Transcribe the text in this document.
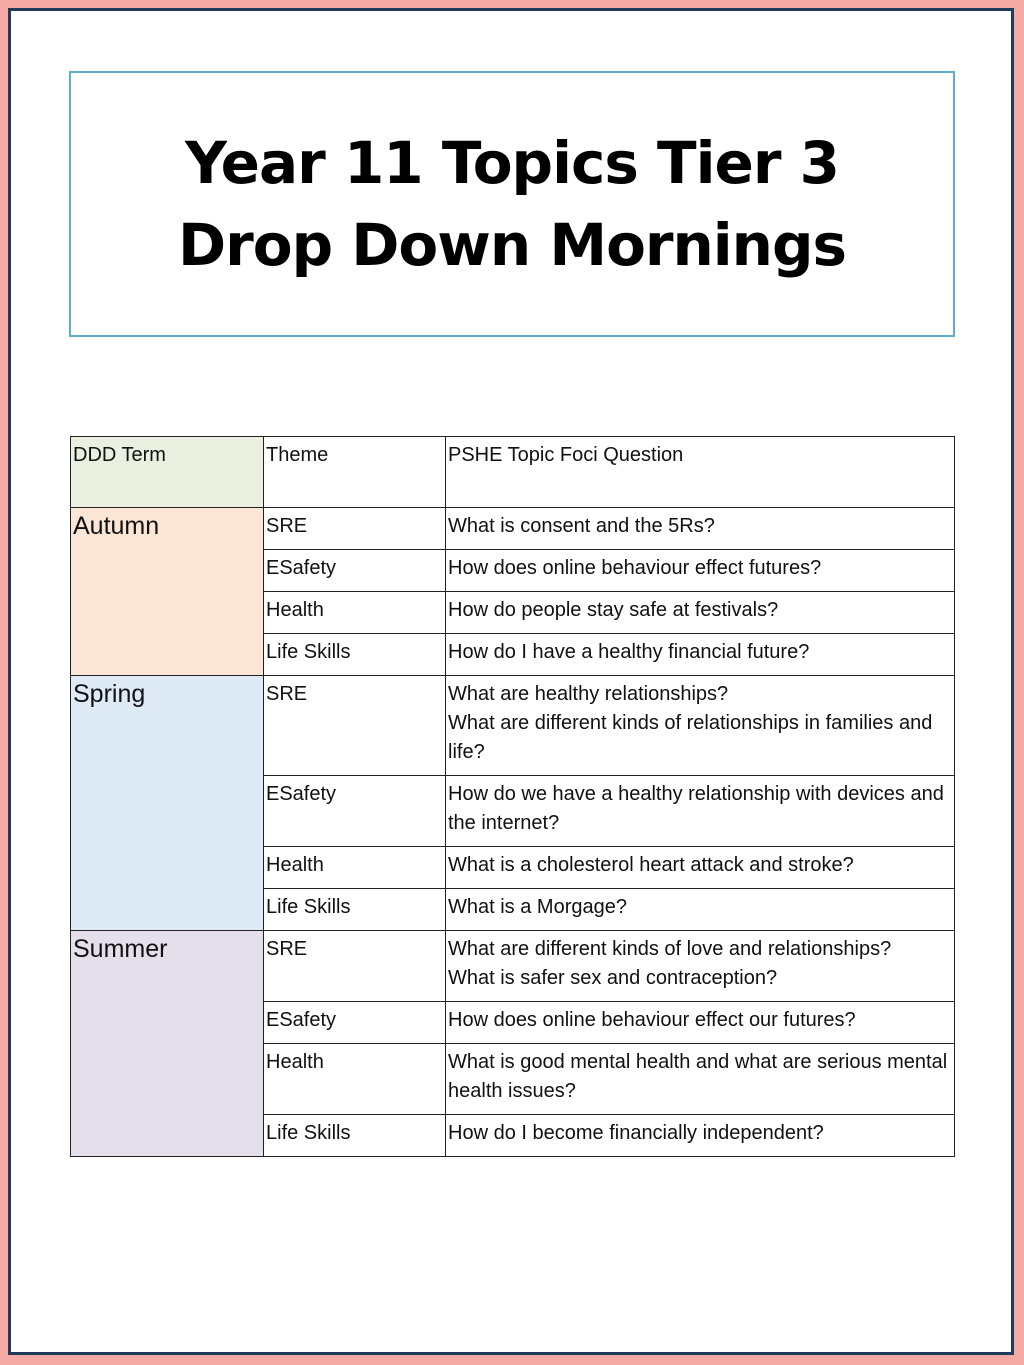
Year 11 Topics Tier 3
Drop Down Mornings
DDD Term	Theme	PSHE Topic Foci Question
Autumn	SRE	What is consent and the 5Rs?

	ESafety	How does online behaviour effect futures?

	Health	How do people stay safe at festivals?

	Life Skills	How do I have a healthy financial future?

Spring	SRE	What are healthy relationships?
What are different kinds of relationships in families and life?

	ESafety	How do we have a healthy relationship with devices and the internet?

	Health	What is a cholesterol heart attack and stroke?

	Life Skills	What is a Morgage?

Summer	SRE	What are different kinds of love and relationships?
What is safer sex and contraception?

	ESafety	How does online behaviour effect our futures?

	Health	What is good mental health and what are serious mental health issues?

	Life Skills	How do I become financially independent?
